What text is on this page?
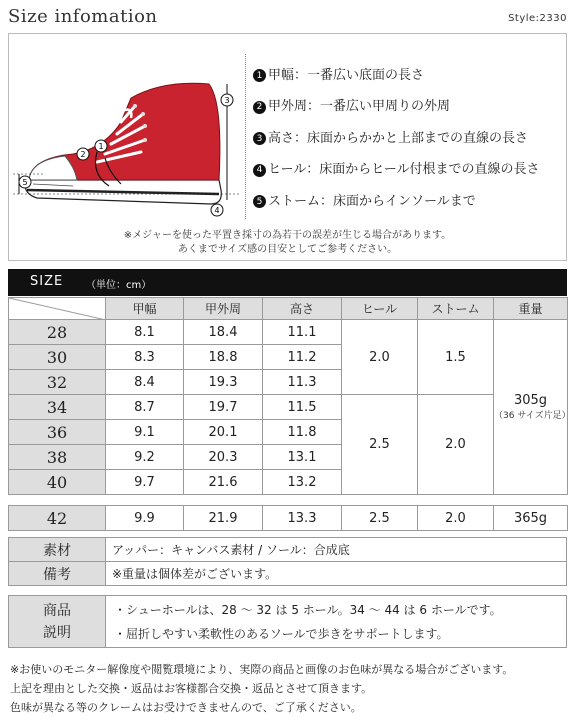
Size infomation	Style:2330
1
2
3
4
5
1 甲幅：一番広い底面の長さ
2 甲外周：一番広い甲周りの外周
3 高さ：床面からかかと上部までの直線の長さ
4 ヒール：床面からヒール付根までの直線の長さ
5 ストーム：床面からインソールまで
※メジャーを使った平置き採寸の為若干の誤差が生じる場合があります。
あくまでサイズ感の目安としてご参考ください。
SIZE （単位：cm）
	甲幅	甲外周	高さ	ヒール	ストーム	重量
28	8.1	18.4	11.1	2.0	1.5	305g
（36 サイズ片足）

30	8.3	18.8	11.2			
32	8.4	19.3	11.3			
34	8.7	19.7	11.5	2.5	2.0	
36	9.1	20.1	11.8			
38	9.2	20.3	13.1			
40	9.7	21.6	13.2			
42	9.9	21.9	13.3	2.5	2.0	365g
素材	アッパー：キャンバス素材 / ソール：合成底
備考	※重量は個体差がございます。
商品
説明

・シューホールは、28 〜 32 は 5 ホール。34 〜 44 は 6 ホールです。
・屈折しやすい柔軟性のあるソールで歩きをサポートします。
※お使いのモニター解像度や閲覧環境により、実際の商品と画像のお色味が異なる場合がございます。
上記を理由とした交換・返品はお客様都合交換・返品とさせて頂きます。
色味が異なる等のクレームはお受けできませんので、ご了承ください。
